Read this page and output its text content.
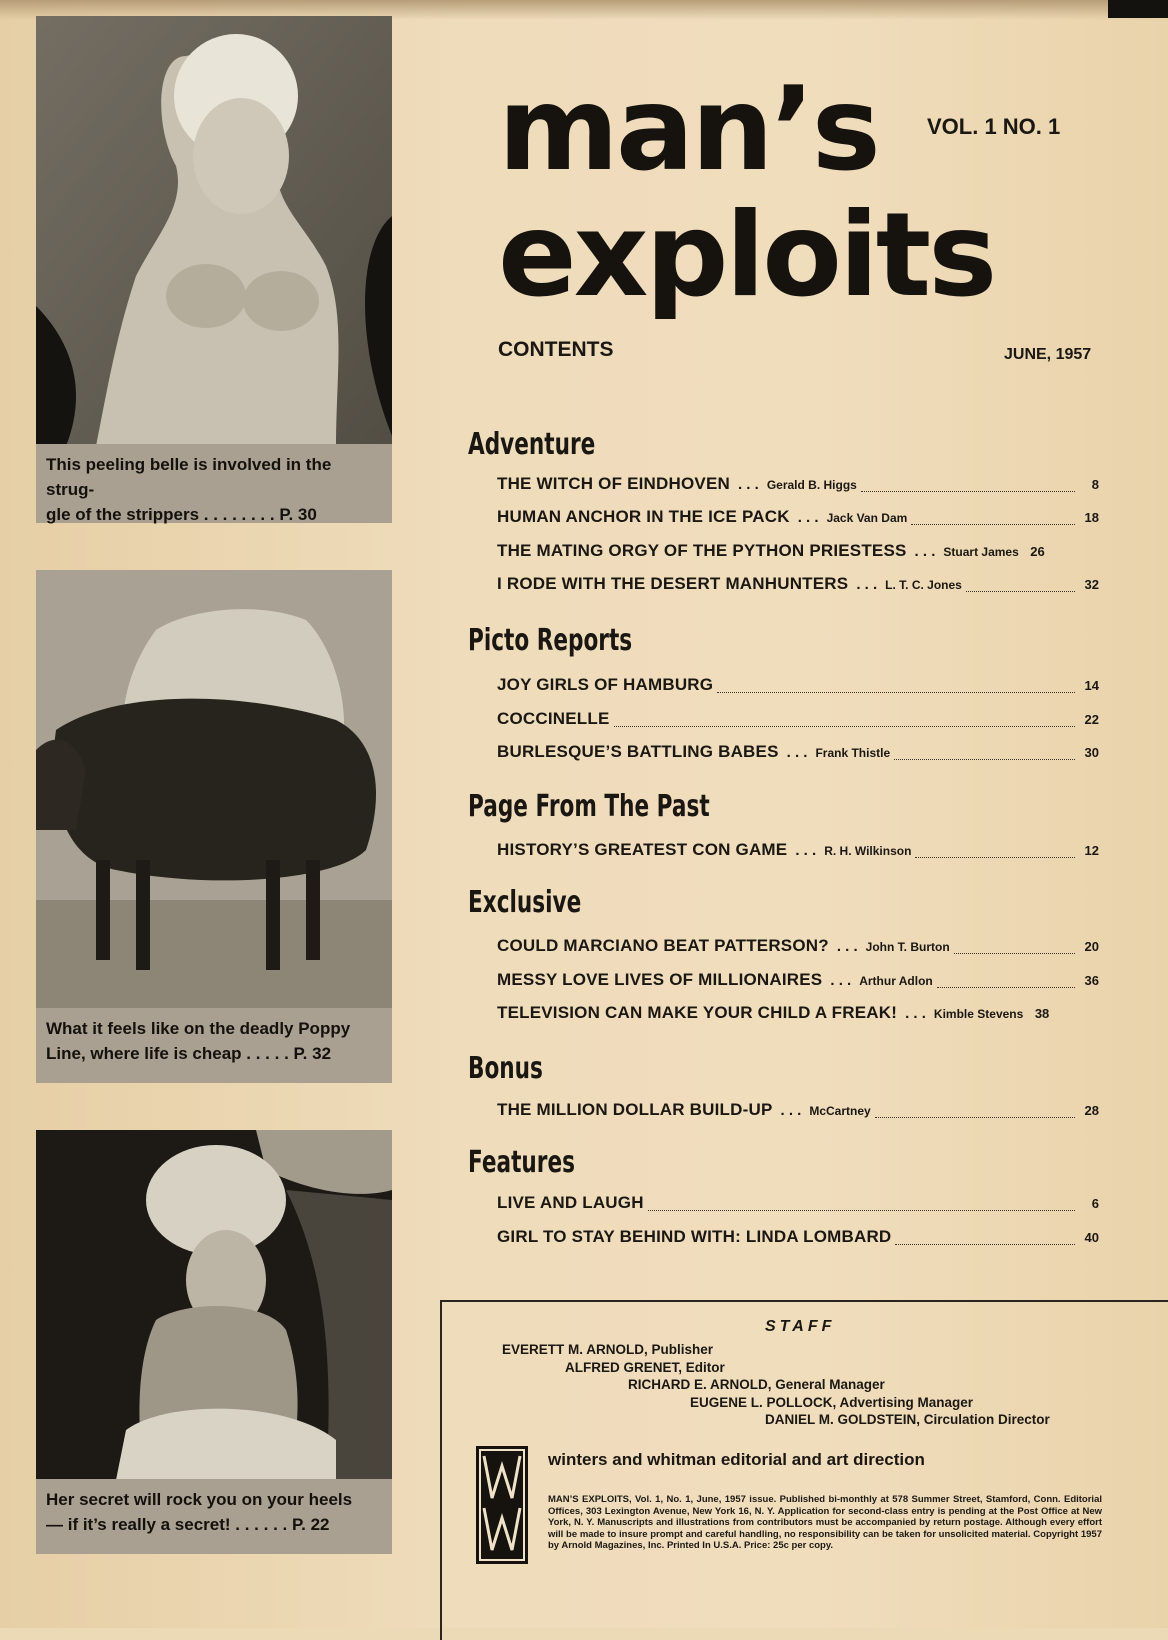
This peeling belle is involved in the strug-
gle of the strippers . . . . . . . . P. 30
What it feels like on the deadly Poppy
Line, where life is cheap . . . . . P. 32
Her secret will rock you on your heels
— if it’s really a secret! . . . . . . P. 22
man’s
exploits
VOL. 1 NO. 1
CONTENTS	JUNE, 1957
Adventure
THE WITCH OF EINDHOVEN . . . Gerald B. Higgs	8
HUMAN ANCHOR IN THE ICE PACK . . . Jack Van Dam	18
THE MATING ORGY OF THE PYTHON PRIESTESS . . . Stuart James 26
I RODE WITH THE DESERT MANHUNTERS . . . L. T. C. Jones	32
Picto Reports
JOY GIRLS OF HAMBURG	14
COCCINELLE	22
BURLESQUE’S BATTLING BABES . . . Frank Thistle	30
Page From The Past
HISTORY’S GREATEST CON GAME . . . R. H. Wilkinson	12
Exclusive
COULD MARCIANO BEAT PATTERSON? . . . John T. Burton	20
MESSY LOVE LIVES OF MILLIONAIRES . . . Arthur Adlon	36
TELEVISION CAN MAKE YOUR CHILD A FREAK! . . . Kimble Stevens 38
Bonus
THE MILLION DOLLAR BUILD-UP . . . McCartney	28
Features
LIVE AND LAUGH	6
GIRL TO STAY BEHIND WITH: LINDA LOMBARD	40
STAFF
EVERETT M. ARNOLD, Publisher
ALFRED GRENET, Editor
RICHARD E. ARNOLD, General Manager
EUGENE L. POLLOCK, Advertising Manager
DANIEL M. GOLDSTEIN, Circulation Director
winters and whitman editorial and art direction
MAN’S EXPLOITS, Vol. 1, No. 1, June, 1957 issue. Published bi-monthly at 578 Summer Street, Stamford, Conn. Editorial Offices, 303 Lexington Avenue, New York 16, N. Y. Application for second-class entry is pending at the Post Office at New York, N. Y. Manuscripts and illustrations from contributors must be accompanied by return postage. Although every effort will be made to insure prompt and careful handling, no responsibility can be taken for unsolicited material. Copyright 1957 by Arnold Magazines, Inc. Printed In U.S.A. Price: 25c per copy.
